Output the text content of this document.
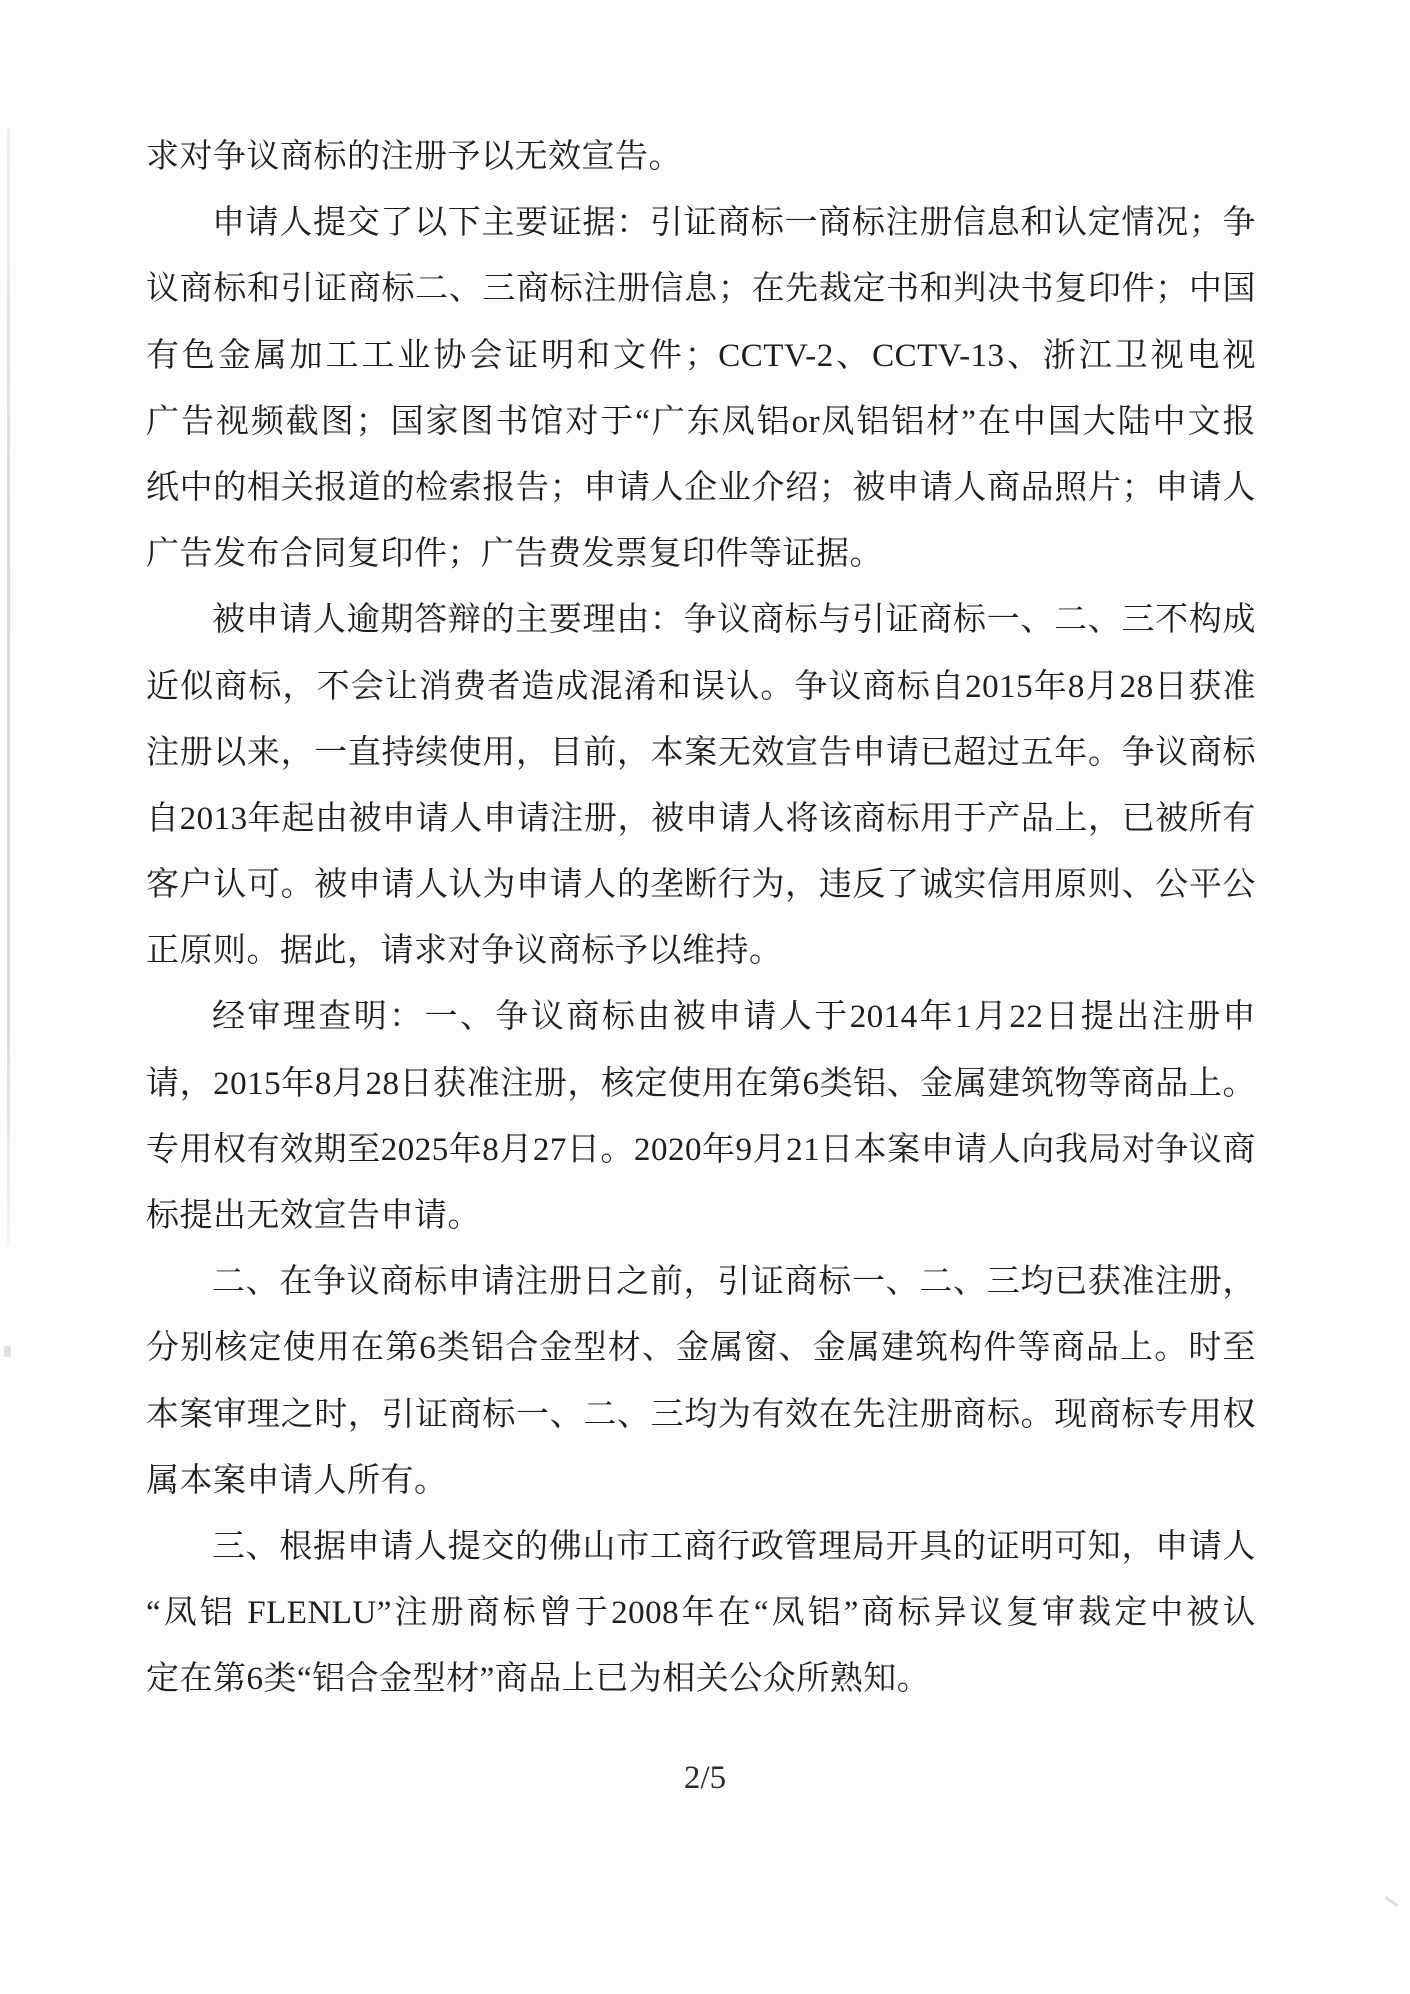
求对争议商标的注册予以无效宣告。
申请人提交了以下主要证据：引证商标一商标注册信息和认定情况；争
议商标和引证商标二、三商标注册信息；在先裁定书和判决书复印件；中国
有色金属加工工业协会证明和文件；CCTV-2、CCTV-13、浙江卫视电视
广告视频截图；国家图书馆对于“广东凤铝or凤铝铝材”在中国大陆中文报
纸中的相关报道的检索报告；申请人企业介绍；被申请人商品照片；申请人
广告发布合同复印件；广告费发票复印件等证据。
被申请人逾期答辩的主要理由：争议商标与引证商标一、二、三不构成
近似商标，不会让消费者造成混淆和误认。争议商标自2015年8月28日获准
注册以来，一直持续使用，目前，本案无效宣告申请已超过五年。争议商标
自2013年起由被申请人申请注册，被申请人将该商标用于产品上，已被所有
客户认可。被申请人认为申请人的垄断行为，违反了诚实信用原则、公平公
正原则。据此，请求对争议商标予以维持。
经审理查明：一、争议商标由被申请人于2014年1月22日提出注册申
请，2015年8月28日获准注册，核定使用在第6类铝、金属建筑物等商品上。
专用权有效期至2025年8月27日。2020年9月21日本案申请人向我局对争议商
标提出无效宣告申请。
二、在争议商标申请注册日之前，引证商标一、二、三均已获准注册，
分别核定使用在第6类铝合金型材、金属窗、金属建筑构件等商品上。时至
本案审理之时，引证商标一、二、三均为有效在先注册商标。现商标专用权
属本案申请人所有。
三、根据申请人提交的佛山市工商行政管理局开具的证明可知，申请人
“凤铝 FLENLU”注册商标曾于2008年在“凤铝”商标异议复审裁定中被认
定在第6类“铝合金型材”商品上已为相关公众所熟知。
2/5
